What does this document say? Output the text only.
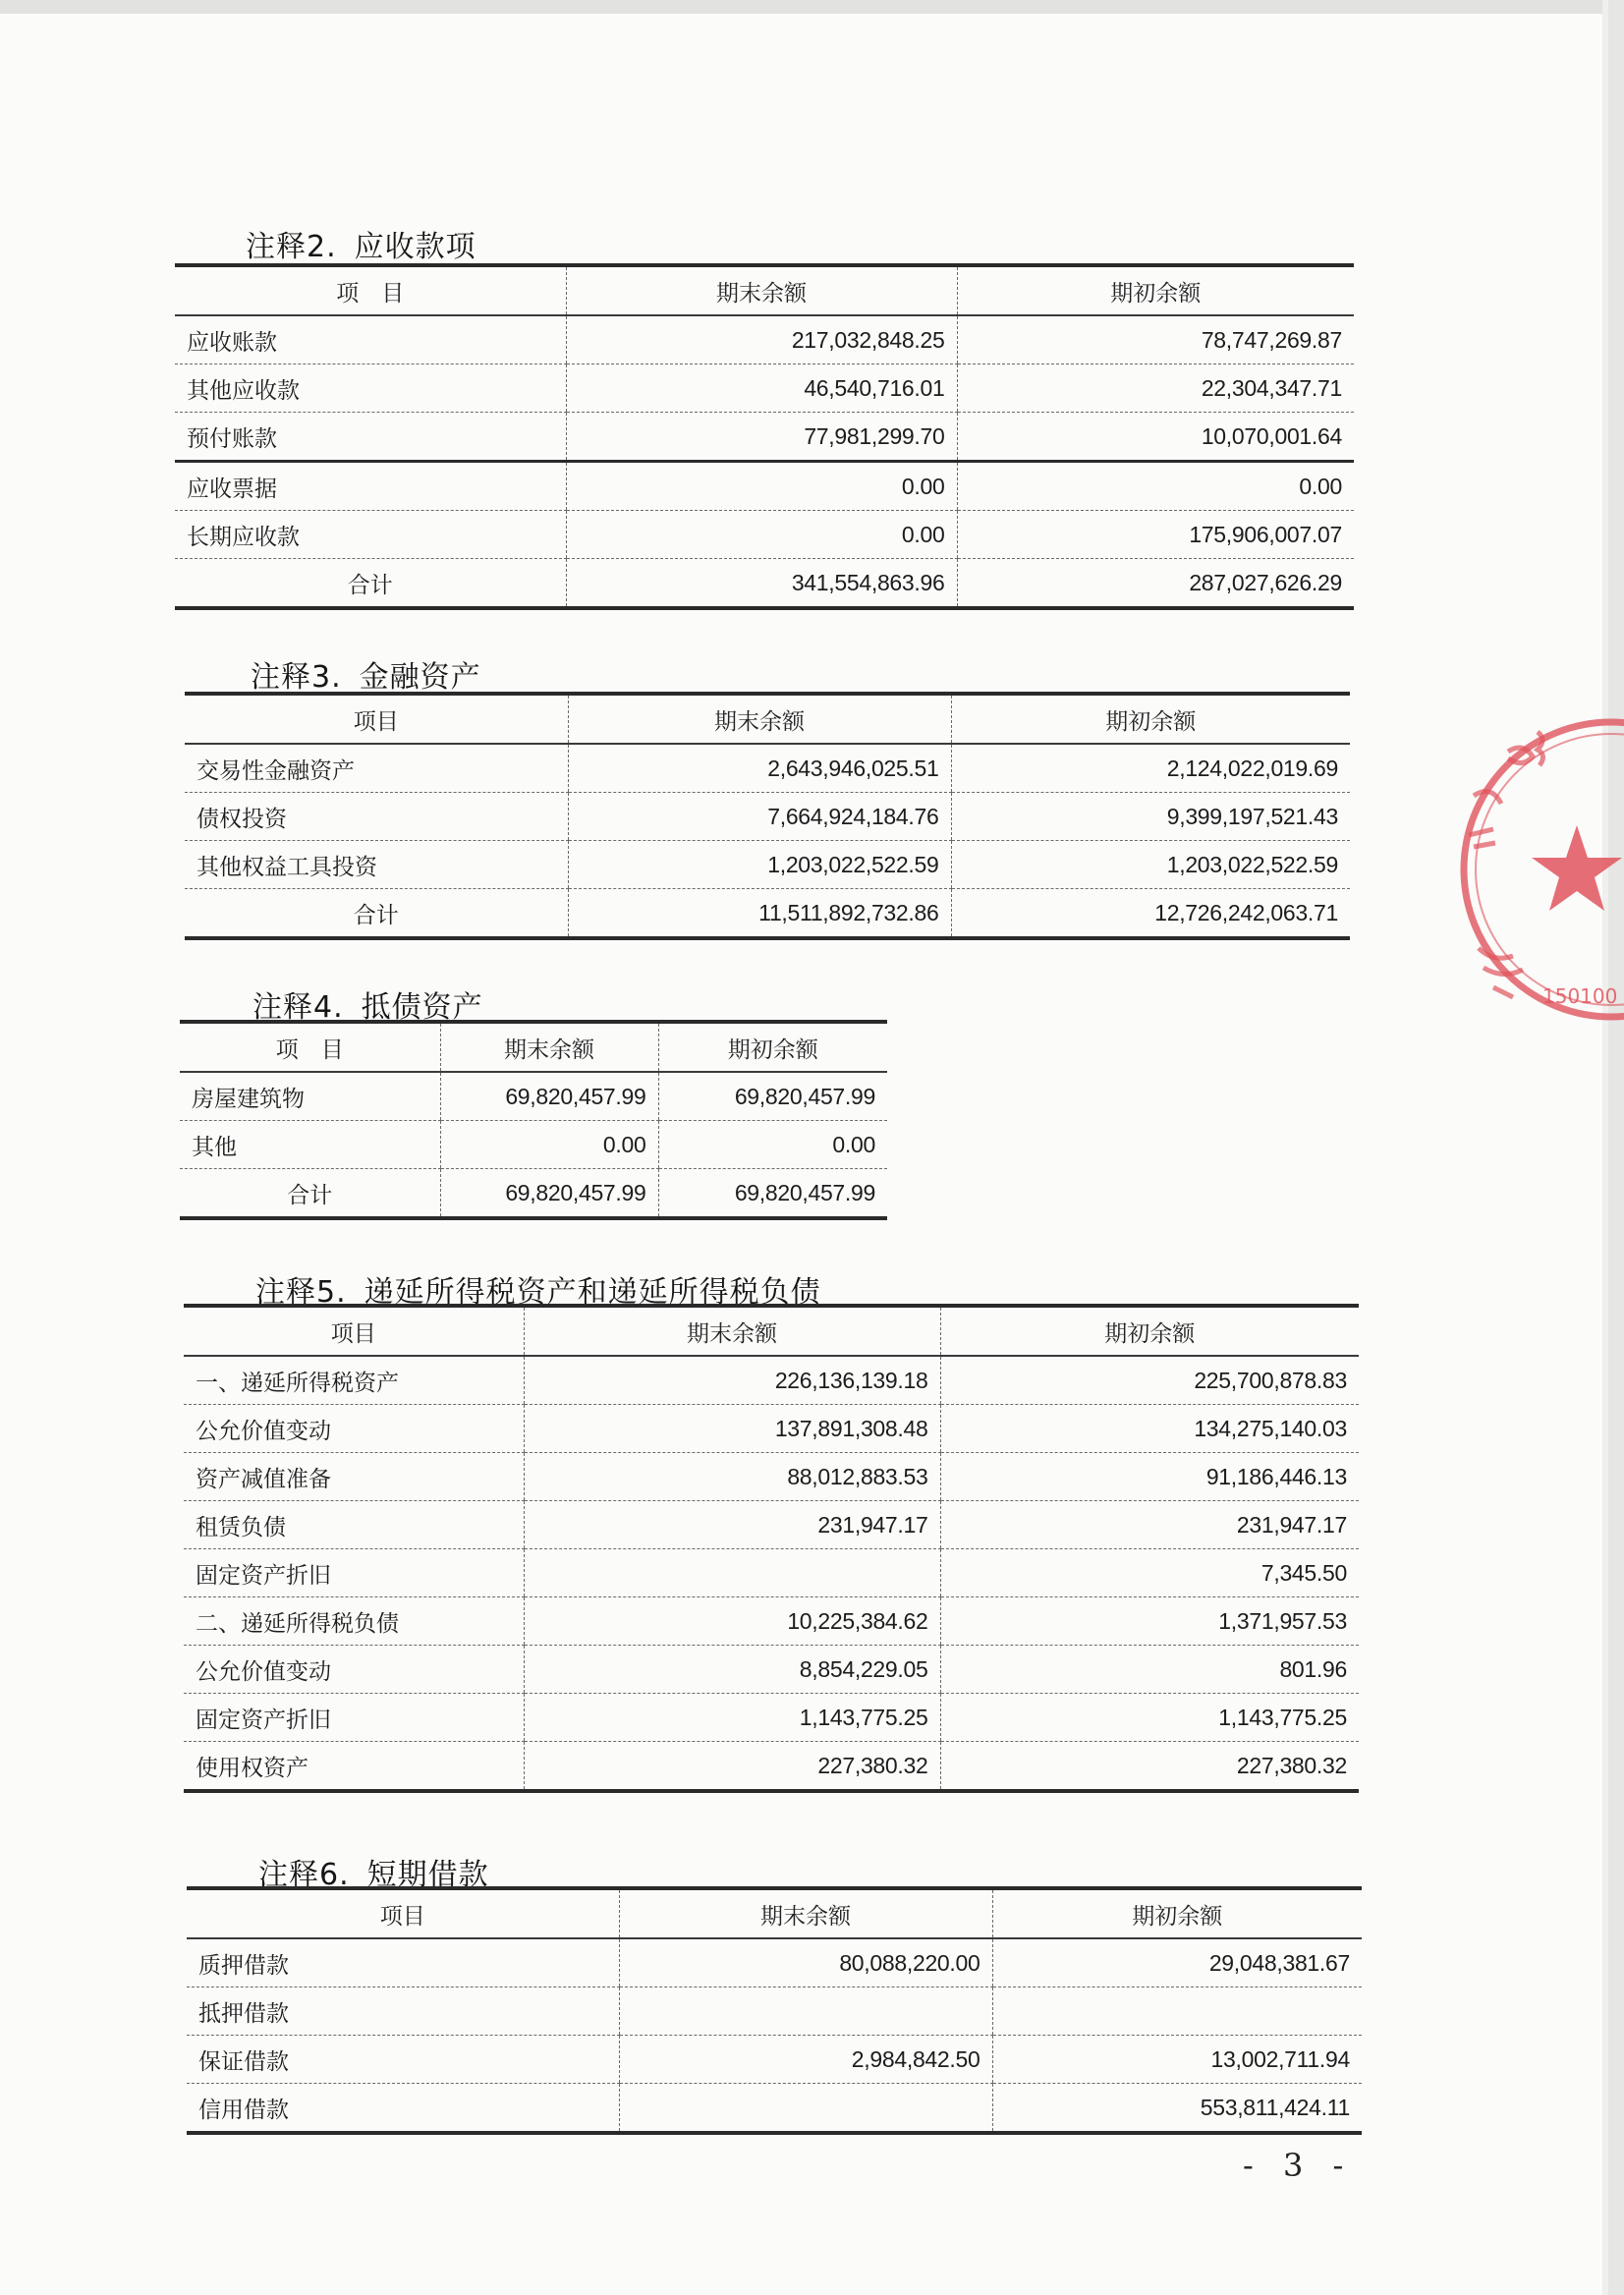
注释2. 应收款项
项　目	期末余额	期初余额
应收账款	217,032,848.25	78,747,269.87
其他应收款	46,540,716.01	22,304,347.71
预付账款	77,981,299.70	10,070,001.64
应收票据	0.00	0.00
长期应收款	0.00	175,906,007.07
合计	341,554,863.96	287,027,626.29
注释3. 金融资产
项目	期末余额	期初余额
交易性金融资产	2,643,946,025.51	2,124,022,019.69
债权投资	7,664,924,184.76	9,399,197,521.43
其他权益工具投资	1,203,022,522.59	1,203,022,522.59
合计	11,511,892,732.86	12,726,242,063.71
注释4. 抵债资产
项　目	期末余额	期初余额
房屋建筑物	69,820,457.99	69,820,457.99
其他	0.00	0.00
合计	69,820,457.99	69,820,457.99
注释5. 递延所得税资产和递延所得税负债
项目	期末余额	期初余额
一、递延所得税资产	226,136,139.18	225,700,878.83
公允价值变动	137,891,308.48	134,275,140.03
资产减值准备	88,012,883.53	91,186,446.13
租赁负债	231,947.17	231,947.17
固定资产折旧		7,345.50
二、递延所得税负债	10,225,384.62	1,371,957.53
公允价值变动	8,854,229.05	801.96
固定资产折旧	1,143,775.25	1,143,775.25
使用权资产	227,380.32	227,380.32
注释6. 短期借款
项目	期末余额	期初余额
质押借款	80,088,220.00	29,048,381.67
抵押借款		
保证借款	2,984,842.50	13,002,711.94
信用借款		553,811,424.11
- 3 -
150100
